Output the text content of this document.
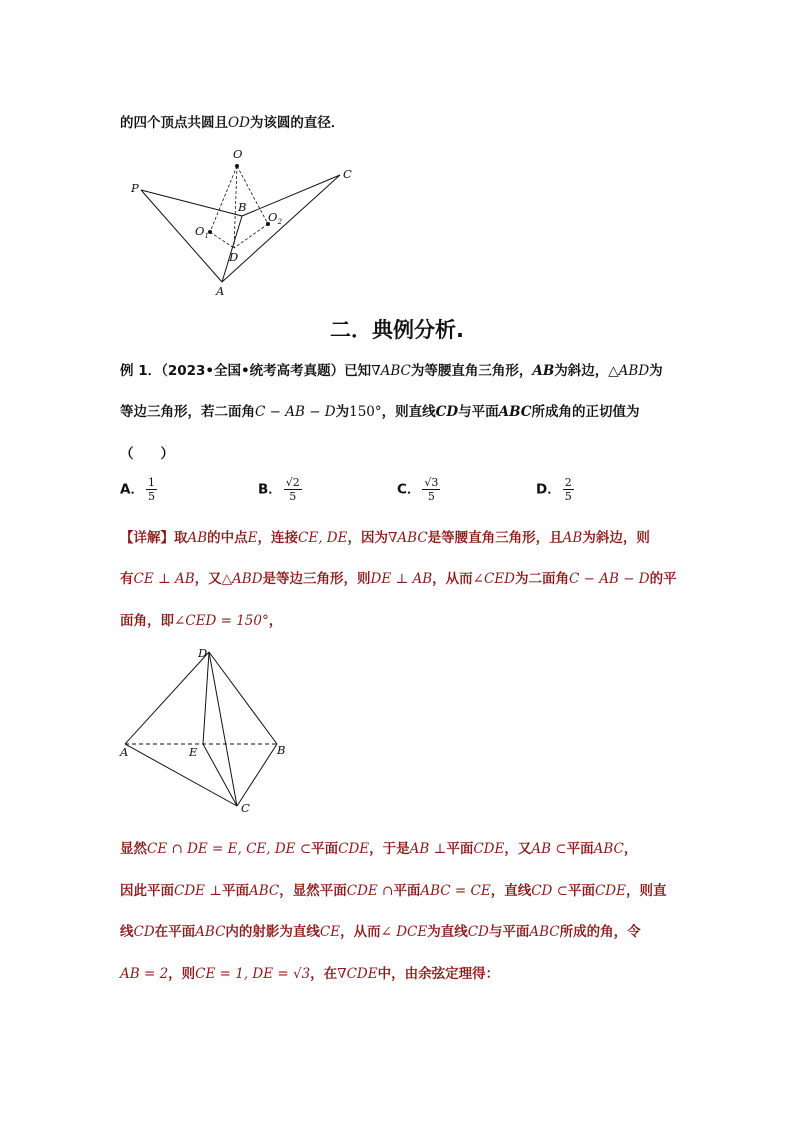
的四个顶点共圆且OD为该圆的直径．
O
P
C
B
$O_1$
$O_2$
D
A
二．典例分析.
例 1．（2023•全国•统考高考真题）已知∇ABC为等腰直角三角形，AB为斜边，△ABD为
等边三角形，若二面角C − AB − D为150°，则直线CD与平面ABC所成角的正切值为
（　　）
A． $\frac{1}{5}$	B． $\frac{√2}{5}$	C． $\frac{√3}{5}$	D． $\frac{2}{5}$
【详解】取AB的中点E，连接CE, DE，因为∇ABC是等腰直角三角形，且AB为斜边，则
有CE ⊥ AB，又△ABD是等边三角形，则DE ⊥ AB，从而∠CED为二面角C − AB − D的平
面角，即∠CED = 150°，
D
A	E	B
C
显然CE ∩ DE = E, CE, DE ⊂平面CDE，于是AB ⊥平面CDE，又AB ⊂平面ABC，
因此平面CDE ⊥平面ABC，显然平面CDE ∩平面ABC = CE，直线CD ⊂平面CDE，则直
线CD在平面ABC内的射影为直线CE，从而∠ DCE为直线CD与平面ABC所成的角，令
AB = 2，则CE = 1, DE = √3，在∇CDE中，由余弦定理得：
